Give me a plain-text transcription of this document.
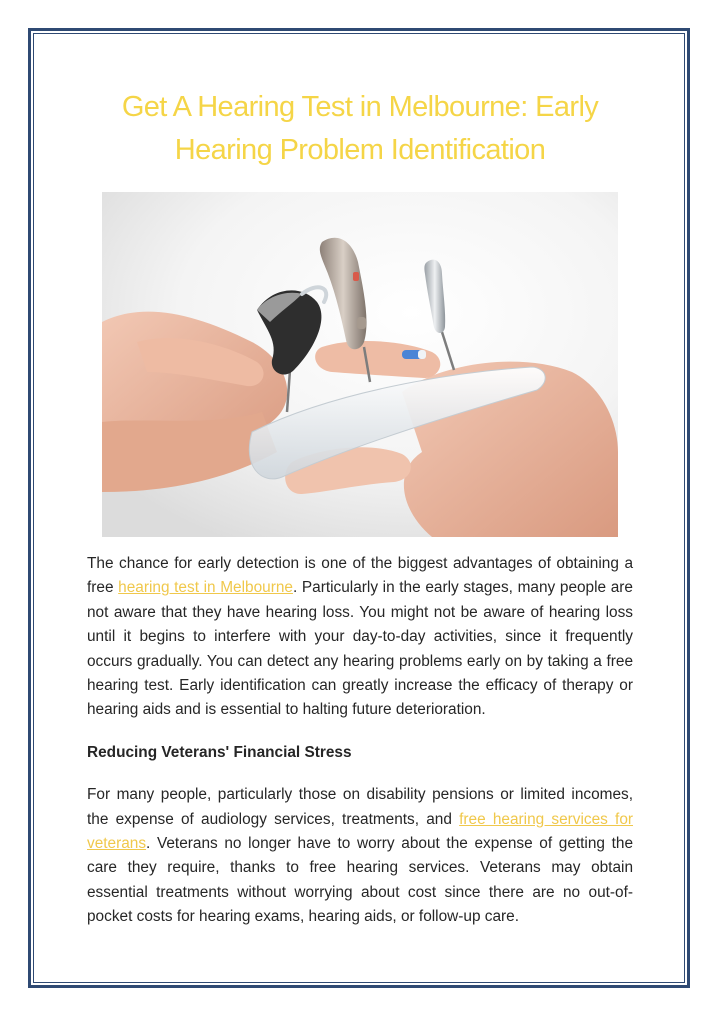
Get A Hearing Test in Melbourne: Early
Hearing Problem Identification

The chance for early detection is one of the biggest advantages of obtaining a free hearing test in Melbourne. Particularly in the early stages, many people are not aware that they have hearing loss. You might not be aware of hearing loss until it begins to interfere with your day-to-day activities, since it frequently occurs gradually. You can detect any hearing problems early on by taking a free hearing test. Early identification can greatly increase the efficacy of therapy or hearing aids and is essential to halting future deterioration.

Reducing Veterans' Financial Stress

For many people, particularly those on disability pensions or limited incomes, the expense of audiology services, treatments, and free hearing services for veterans. Veterans no longer have to worry about the expense of getting the care they require, thanks to free hearing services. Veterans may obtain essential treatments without worrying about cost since there are no out-of-pocket costs for hearing exams, hearing aids, or follow-up care.
